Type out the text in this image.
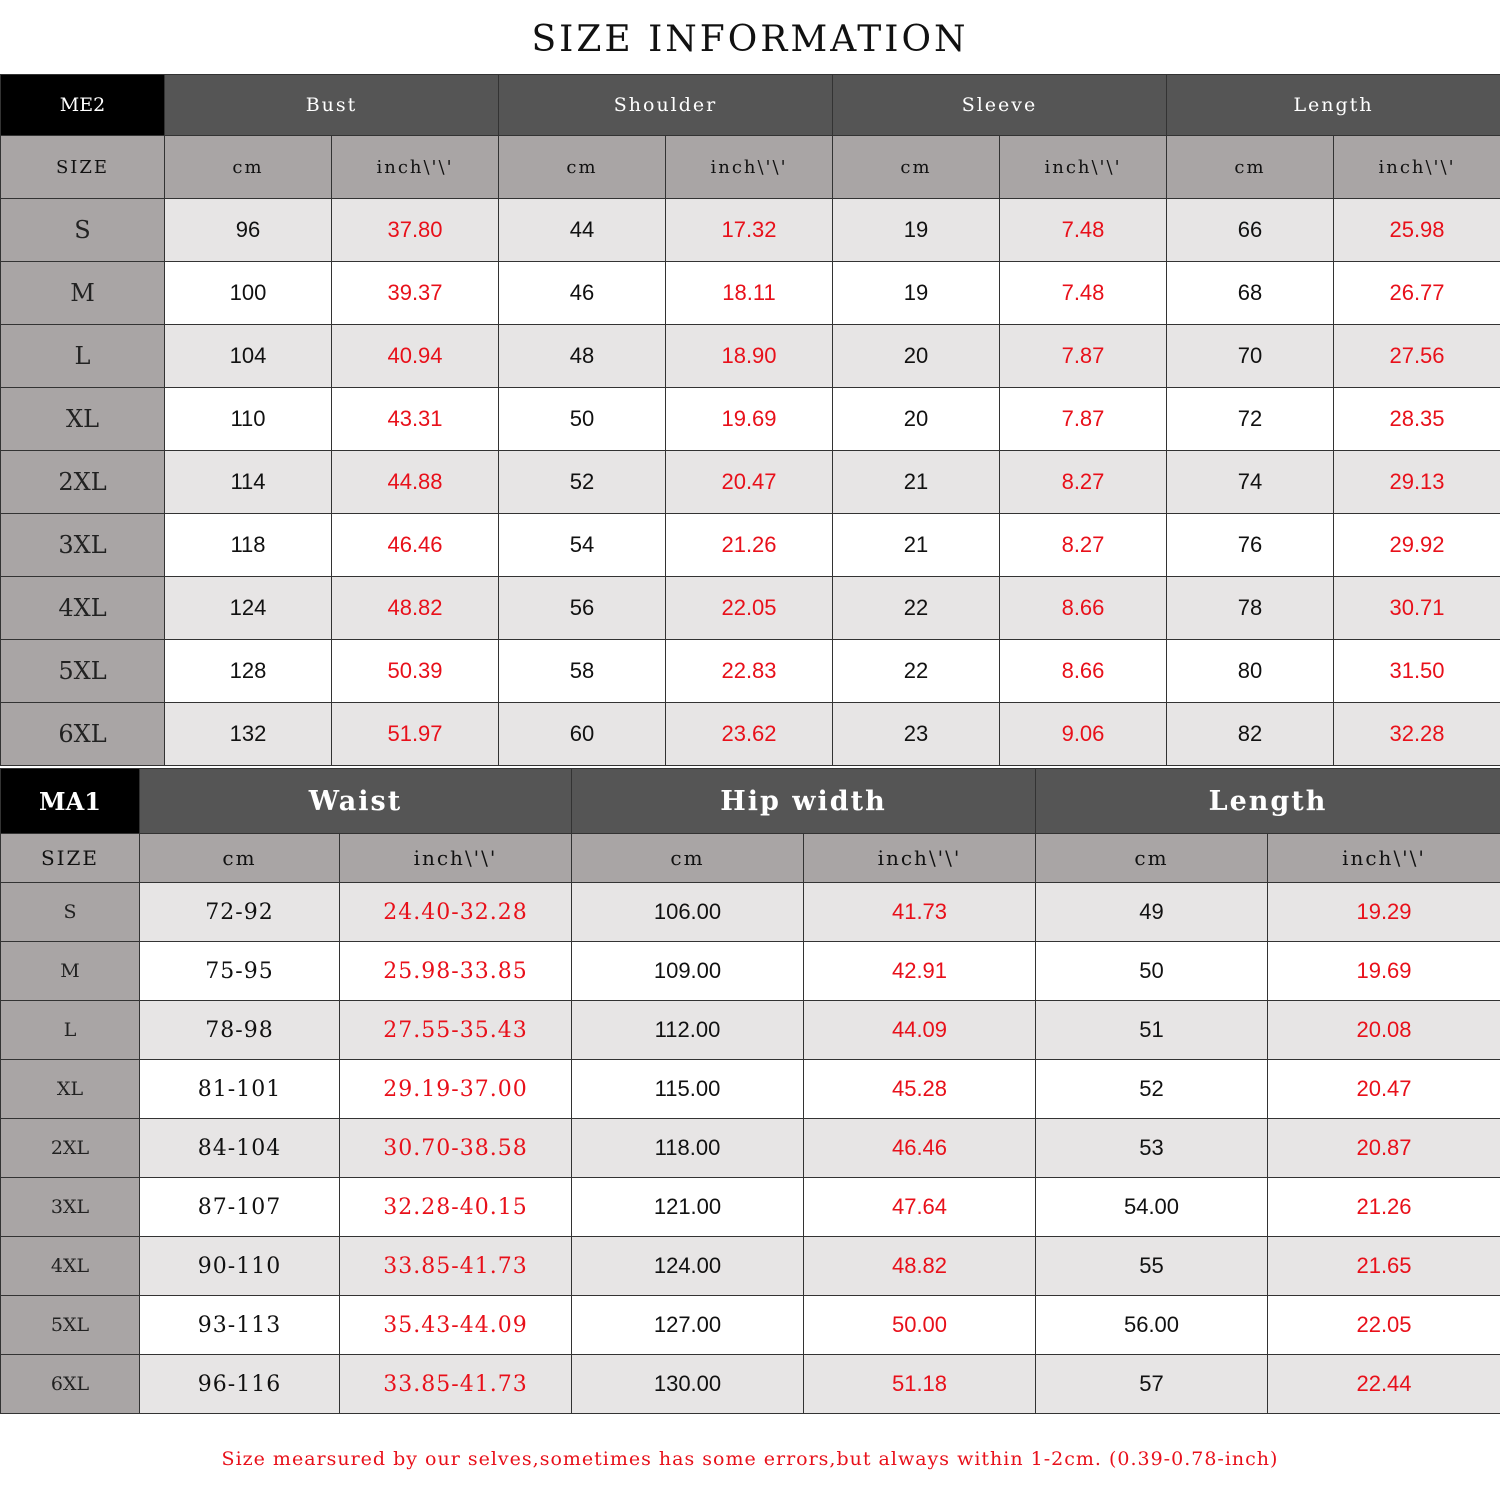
SIZE INFORMATION
ME2	Bust		Shoulder		Sleeve		Length	
SIZE	cm	inch\'\'	cm	inch\'\'	cm	inch\'\'	cm	inch\'\'
S	96	37.80	44	17.32	19	7.48	66	25.98
M	100	39.37	46	18.11	19	7.48	68	26.77
L	104	40.94	48	18.90	20	7.87	70	27.56
XL	110	43.31	50	19.69	20	7.87	72	28.35
2XL	114	44.88	52	20.47	21	8.27	74	29.13
3XL	118	46.46	54	21.26	21	8.27	76	29.92
4XL	124	48.82	56	22.05	22	8.66	78	30.71
5XL	128	50.39	58	22.83	22	8.66	80	31.50
6XL	132	51.97	60	23.62	23	9.06	82	32.28
MA1	Waist		Hip width		Length	
SIZE	cm	inch\'\'	cm	inch\'\'	cm	inch\'\'
S	72-92	24.40-32.28	106.00	41.73	49	19.29
M	75-95	25.98-33.85	109.00	42.91	50	19.69
L	78-98	27.55-35.43	112.00	44.09	51	20.08
XL	81-101	29.19-37.00	115.00	45.28	52	20.47
2XL	84-104	30.70-38.58	118.00	46.46	53	20.87
3XL	87-107	32.28-40.15	121.00	47.64	54.00	21.26
4XL	90-110	33.85-41.73	124.00	48.82	55	21.65
5XL	93-113	35.43-44.09	127.00	50.00	56.00	22.05
6XL	96-116	33.85-41.73	130.00	51.18	57	22.44
Size mearsured by our selves,sometimes has some errors,but always within 1-2cm. (0.39-0.78-inch)
